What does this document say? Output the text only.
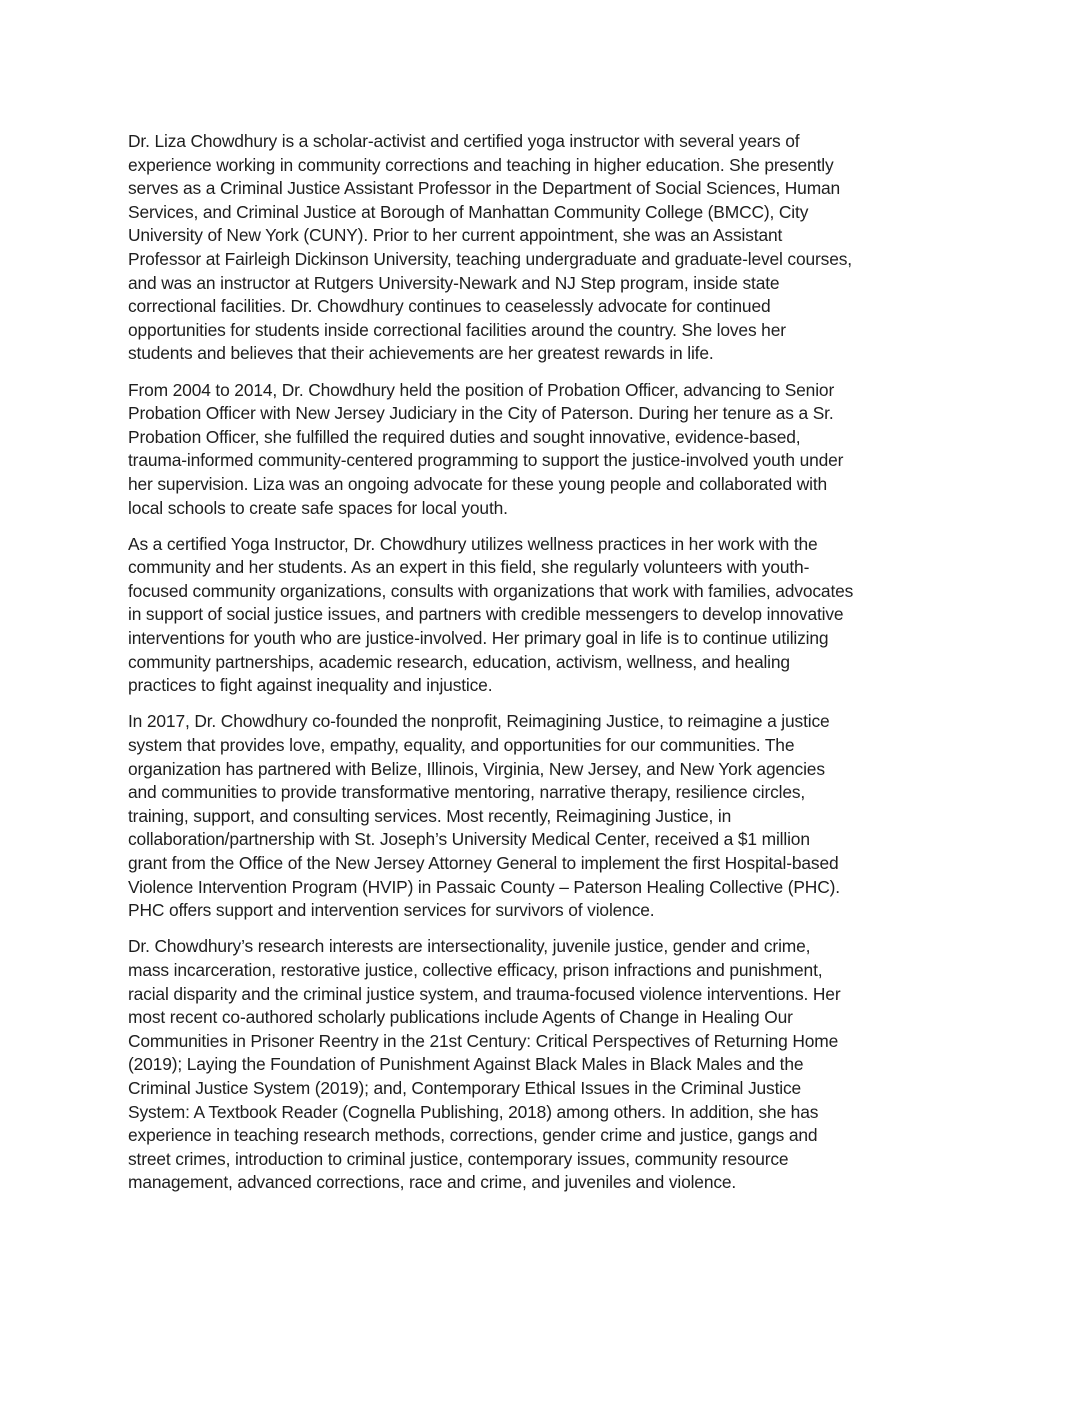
Dr. Liza Chowdhury is a scholar-activist and certified yoga instructor with several years of
experience working in community corrections and teaching in higher education. She presently
serves as a Criminal Justice Assistant Professor in the Department of Social Sciences, Human
Services, and Criminal Justice at Borough of Manhattan Community College (BMCC), City
University of New York (CUNY). Prior to her current appointment, she was an Assistant
Professor at Fairleigh Dickinson University, teaching undergraduate and graduate-level courses,
and was an instructor at Rutgers University-Newark and NJ Step program, inside state
correctional facilities. Dr. Chowdhury continues to ceaselessly advocate for continued
opportunities for students inside correctional facilities around the country. She loves her
students and believes that their achievements are her greatest rewards in life.

From 2004 to 2014, Dr. Chowdhury held the position of Probation Officer, advancing to Senior
Probation Officer with New Jersey Judiciary in the City of Paterson. During her tenure as a Sr.
Probation Officer, she fulfilled the required duties and sought innovative, evidence-based,
trauma-informed community-centered programming to support the justice-involved youth under
her supervision. Liza was an ongoing advocate for these young people and collaborated with
local schools to create safe spaces for local youth.

As a certified Yoga Instructor, Dr. Chowdhury utilizes wellness practices in her work with the
community and her students. As an expert in this field, she regularly volunteers with youth-
focused community organizations, consults with organizations that work with families, advocates
in support of social justice issues, and partners with credible messengers to develop innovative
interventions for youth who are justice-involved. Her primary goal in life is to continue utilizing
community partnerships, academic research, education, activism, wellness, and healing
practices to fight against inequality and injustice.

In 2017, Dr. Chowdhury co-founded the nonprofit, Reimagining Justice, to reimagine a justice
system that provides love, empathy, equality, and opportunities for our communities. The
organization has partnered with Belize, Illinois, Virginia, New Jersey, and New York agencies
and communities to provide transformative mentoring, narrative therapy, resilience circles,
training, support, and consulting services. Most recently, Reimagining Justice, in
collaboration/partnership with St. Joseph’s University Medical Center, received a $1 million
grant from the Office of the New Jersey Attorney General to implement the first Hospital-based
Violence Intervention Program (HVIP) in Passaic County – Paterson Healing Collective (PHC).
PHC offers support and intervention services for survivors of violence.

Dr. Chowdhury’s research interests are intersectionality, juvenile justice, gender and crime,
mass incarceration, restorative justice, collective efficacy, prison infractions and punishment,
racial disparity and the criminal justice system, and trauma-focused violence interventions. Her
most recent co-authored scholarly publications include Agents of Change in Healing Our
Communities in Prisoner Reentry in the 21st Century: Critical Perspectives of Returning Home
(2019); Laying the Foundation of Punishment Against Black Males in Black Males and the
Criminal Justice System (2019); and, Contemporary Ethical Issues in the Criminal Justice
System: A Textbook Reader (Cognella Publishing, 2018) among others. In addition, she has
experience in teaching research methods, corrections, gender crime and justice, gangs and
street crimes, introduction to criminal justice, contemporary issues, community resource
management, advanced corrections, race and crime, and juveniles and violence.
